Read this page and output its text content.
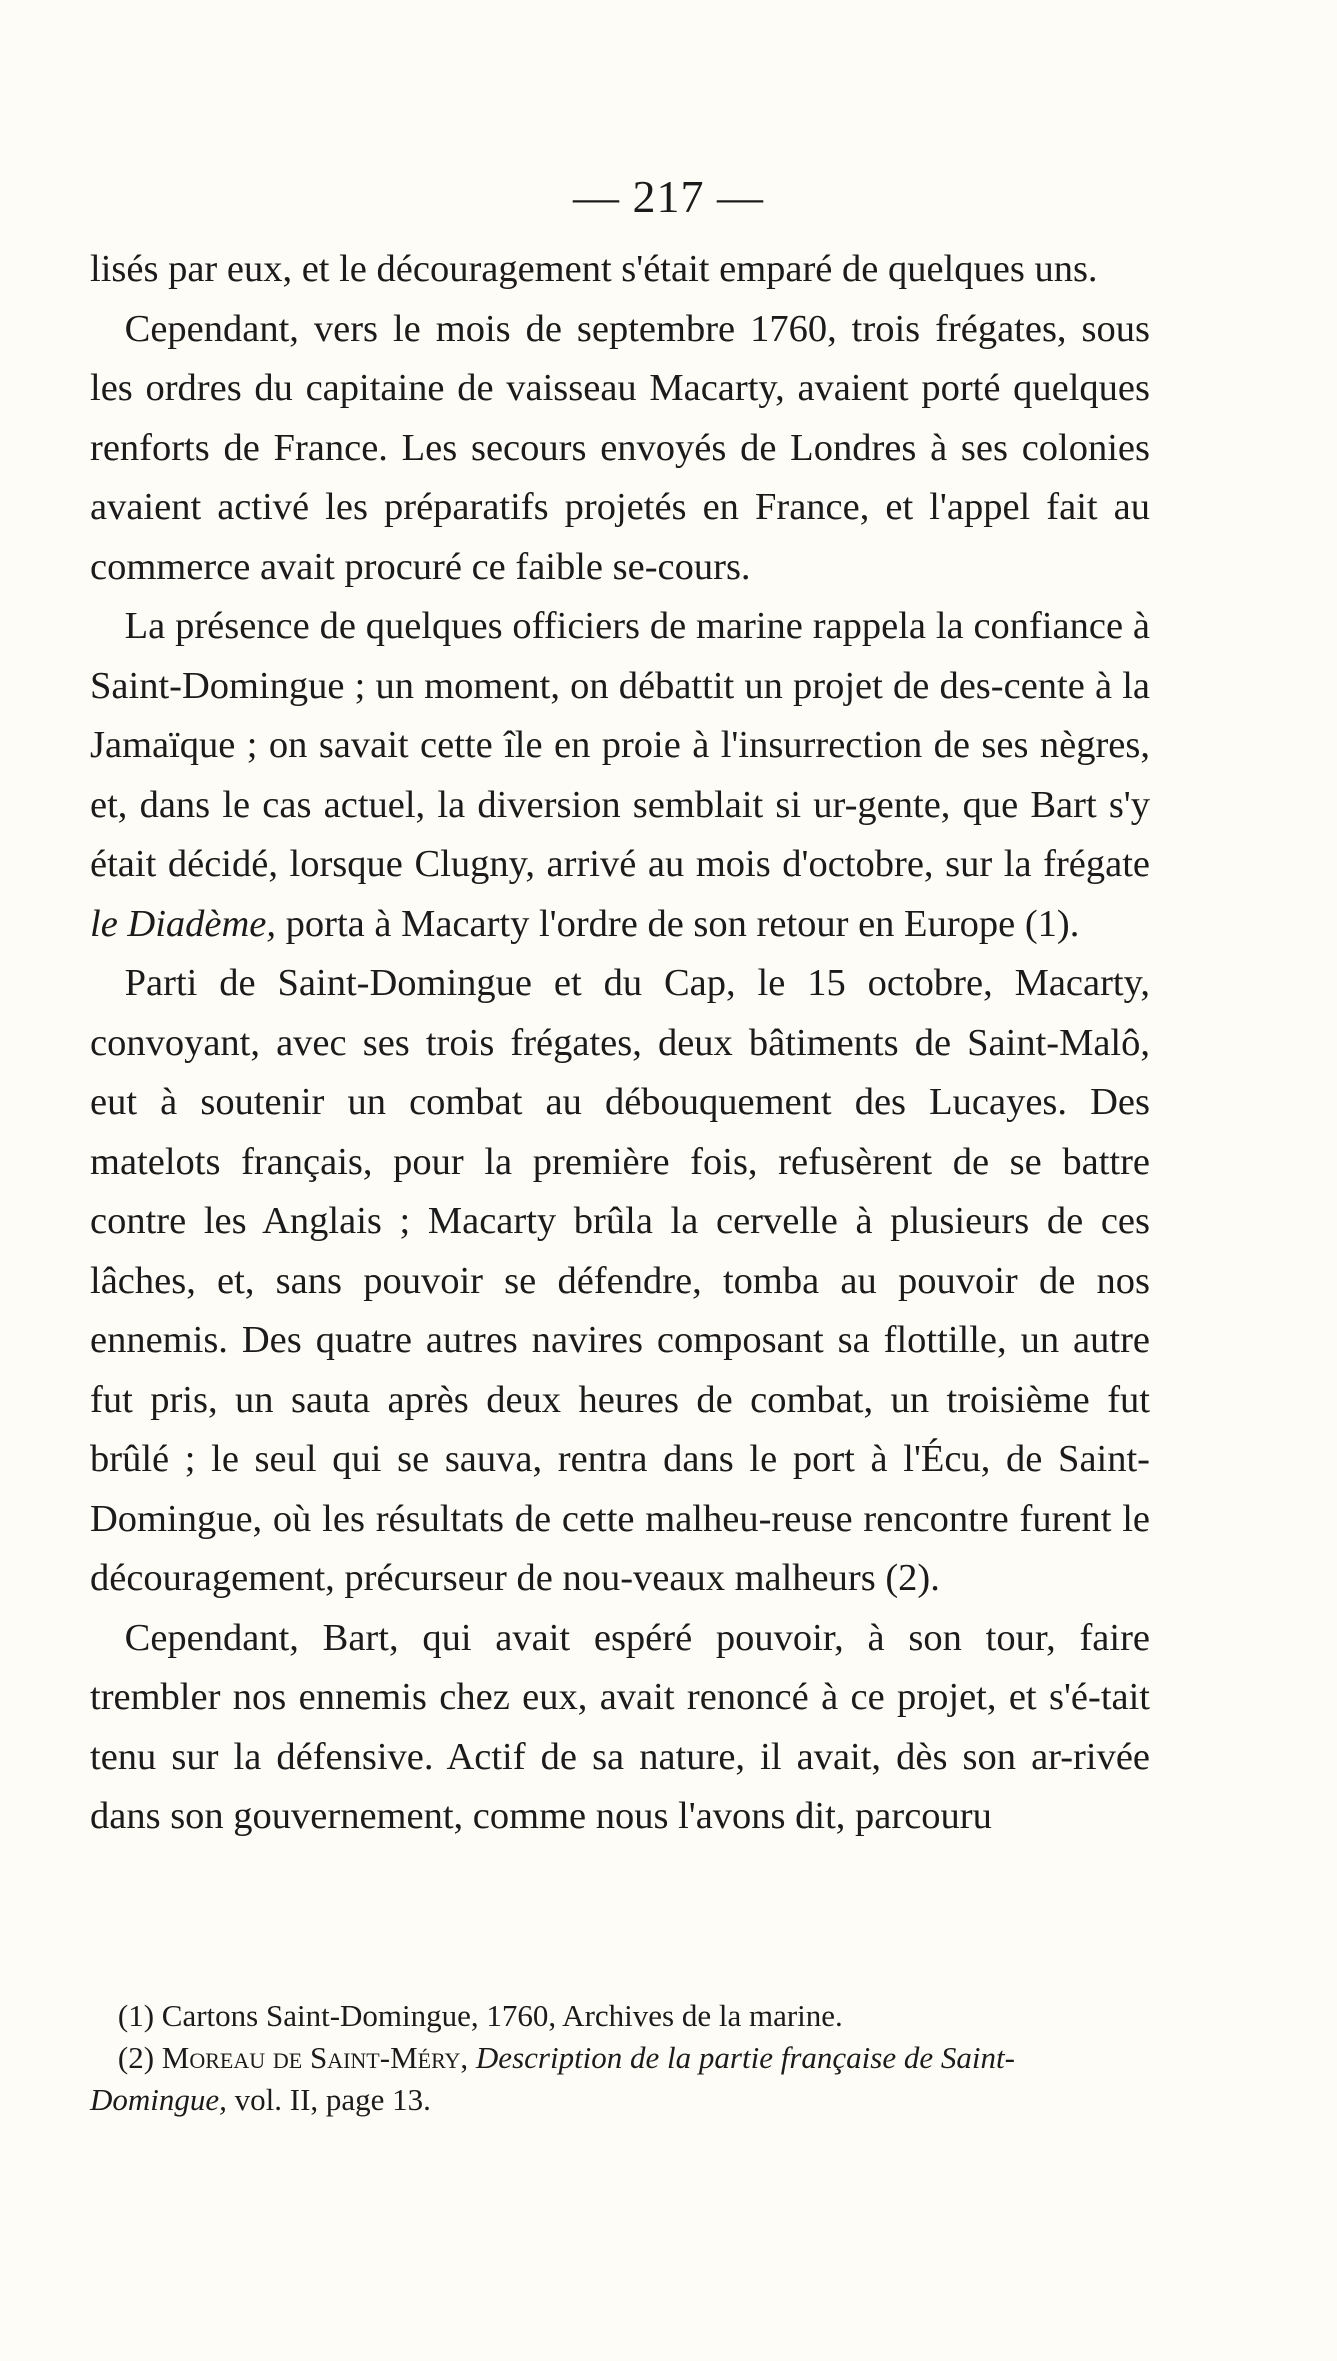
— 217 —

lisés par eux, et le découragement s'était emparé de quelques uns.

Cependant, vers le mois de septembre 1760, trois frégates, sous les ordres du capitaine de vaisseau Macarty, avaient porté quelques renforts de France. Les secours envoyés de Londres à ses colonies avaient activé les préparatifs projetés en France, et l'appel fait au commerce avait procuré ce faible se-cours.

La présence de quelques officiers de marine rappela la confiance à Saint-Domingue ; un moment, on débattit un projet de des-cente à la Jamaïque ; on savait cette île en proie à l'insurrection de ses nègres, et, dans le cas actuel, la diversion semblait si ur-gente, que Bart s'y était décidé, lorsque Clugny, arrivé au mois d'octobre, sur la frégate le Diadème, porta à Macarty l'ordre de son retour en Europe (1).

Parti de Saint-Domingue et du Cap, le 15 octobre, Macarty, convoyant, avec ses trois frégates, deux bâtiments de Saint-Malô, eut à soutenir un combat au débouquement des Lucayes. Des matelots français, pour la première fois, refusèrent de se battre contre les Anglais ; Macarty brûla la cervelle à plusieurs de ces lâches, et, sans pouvoir se défendre, tomba au pouvoir de nos ennemis. Des quatre autres navires composant sa flottille, un autre fut pris, un sauta après deux heures de combat, un troisième fut brûlé ; le seul qui se sauva, rentra dans le port à l'Écu, de Saint-Domingue, où les résultats de cette malheu-reuse rencontre furent le découragement, précurseur de nou-veaux malheurs (2).

Cependant, Bart, qui avait espéré pouvoir, à son tour, faire trembler nos ennemis chez eux, avait renoncé à ce projet, et s'é-tait tenu sur la défensive. Actif de sa nature, il avait, dès son ar-rivée dans son gouvernement, comme nous l'avons dit, parcouru

(1) Cartons Saint-Domingue, 1760, Archives de la marine.

(2) Moreau de Saint-Méry, Description de la partie française de Saint-Domingue, vol. II, page 13.
